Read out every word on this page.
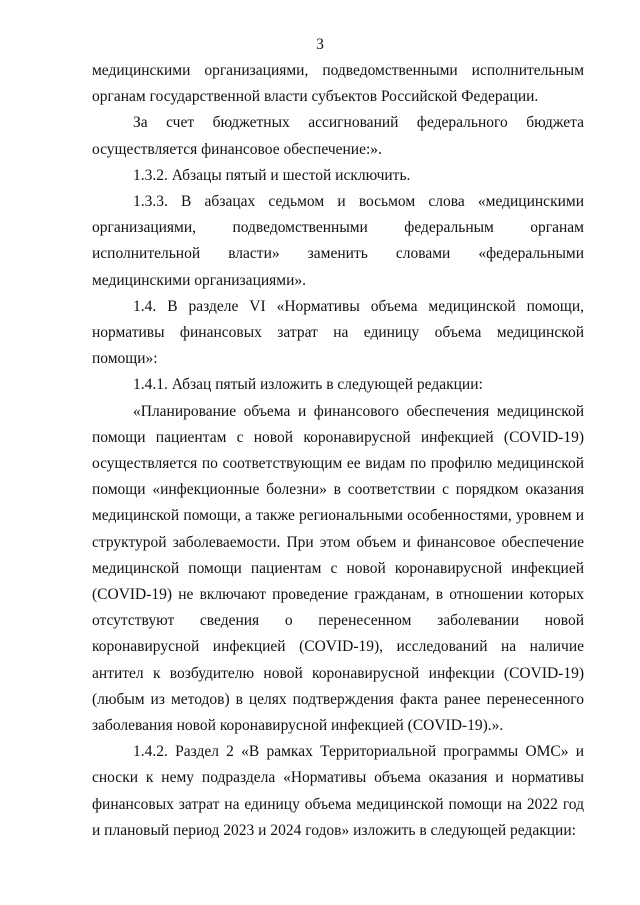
3

медицинскими организациями, подведомственными исполнительным органам государственной власти субъектов Российской Федерации.

За счет бюджетных ассигнований федерального бюджета осуществляется финансовое обеспечение:».

1.3.2. Абзацы пятый и шестой исключить.

1.3.3. В абзацах седьмом и восьмом слова «медицинскими организациями, подведомственными федеральным органам исполнительной власти» заменить словами «федеральными медицинскими организациями».

1.4. В разделе VI «Нормативы объема медицинской помощи, нормативы финансовых затрат на единицу объема медицинской помощи»:

1.4.1. Абзац пятый изложить в следующей редакции:

«Планирование объема и финансового обеспечения медицинской помощи пациентам с новой коронавирусной инфекцией (COVID-19) осуществляется по соответствующим ее видам по профилю медицинской помощи «инфекционные болезни» в соответствии с порядком оказания медицинской помощи, а также региональными особенностями, уровнем и структурой заболеваемости. При этом объем и финансовое обеспечение медицинской помощи пациентам с новой коронавирусной инфекцией (COVID-19) не включают проведение гражданам, в отношении которых отсутствуют сведения о перенесенном заболевании новой коронавирусной инфекцией (COVID-19), исследований на наличие антител к возбудителю новой коронавирусной инфекции (COVID-19) (любым из методов) в целях подтверждения факта ранее перенесенного заболевания новой коронавирусной инфекцией (COVID-19).».

1.4.2. Раздел 2 «В рамках Территориальной программы ОМС» и сноски к нему подраздела «Нормативы объема оказания и нормативы финансовых затрат на единицу объема медицинской помощи на 2022 год и плановый период 2023 и 2024 годов» изложить в следующей редакции:
